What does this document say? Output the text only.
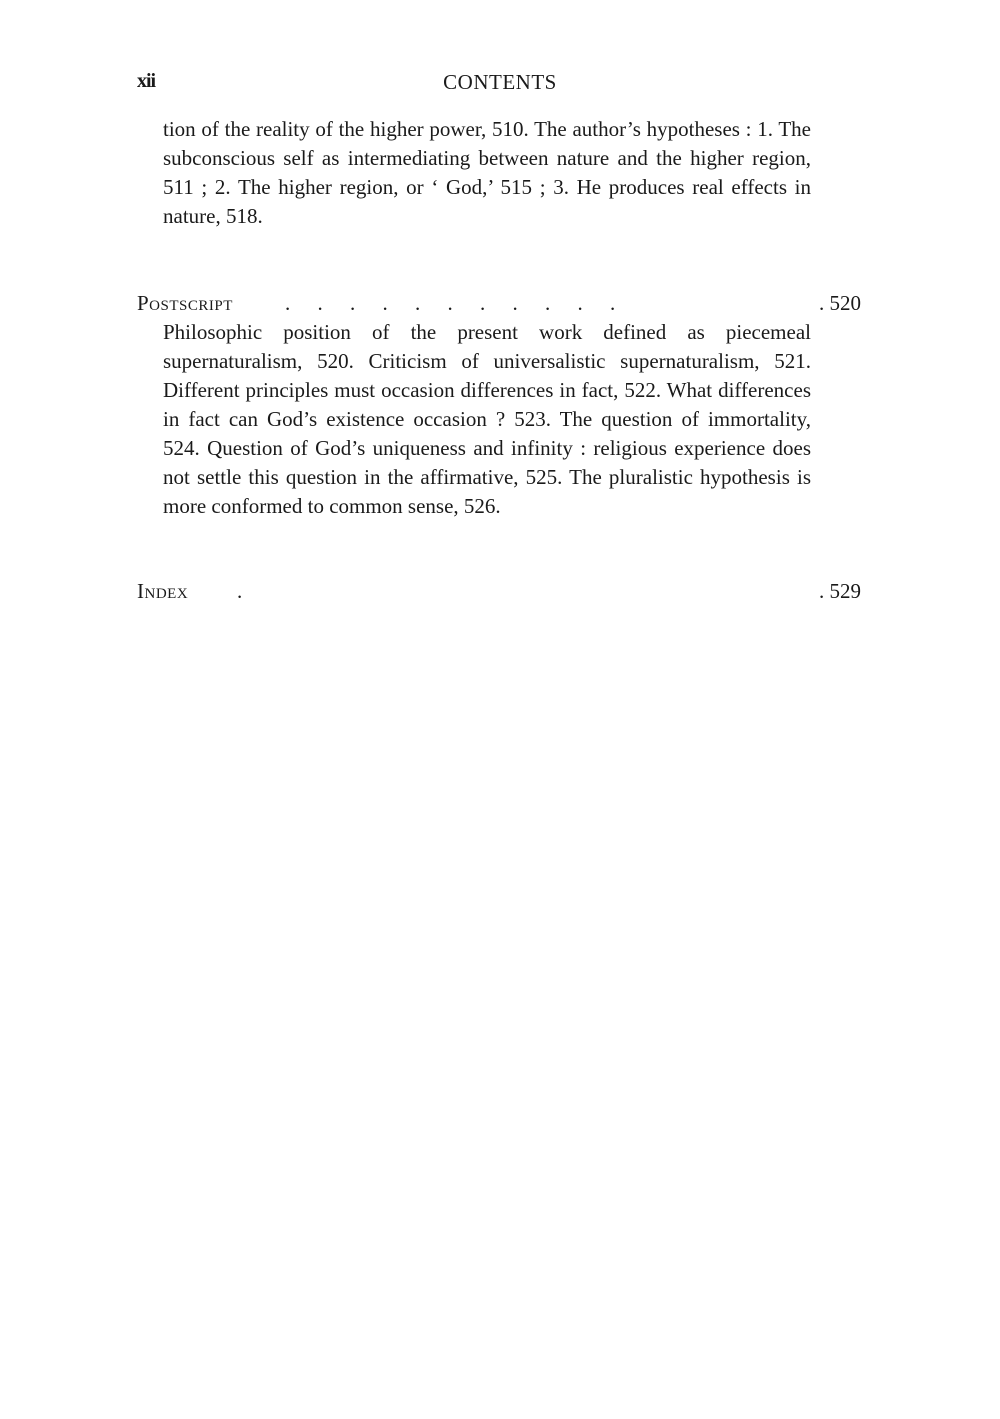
xii	CONTENTS
tion of the reality of the higher power, 510. The author’s hypotheses : 1. The subconscious self as intermediating between nature and the higher region, 511 ; 2. The higher region, or ‘ God,’ 515 ; 3. He produces real effects in nature, 518.
Postscript . . . . . . . . . . .	. 520
Philosophic position of the present work defined as piecemeal supernaturalism, 520. Criticism of universalistic supernaturalism, 521. Different principles must occasion differences in fact, 522. What differences in fact can God’s existence occasion ? 523. The question of immortality, 524. Question of God’s uniqueness and infinity : religious experience does not settle this question in the affirmative, 525. The pluralistic hypothesis is more conformed to common sense, 526.
Index .	. 529
